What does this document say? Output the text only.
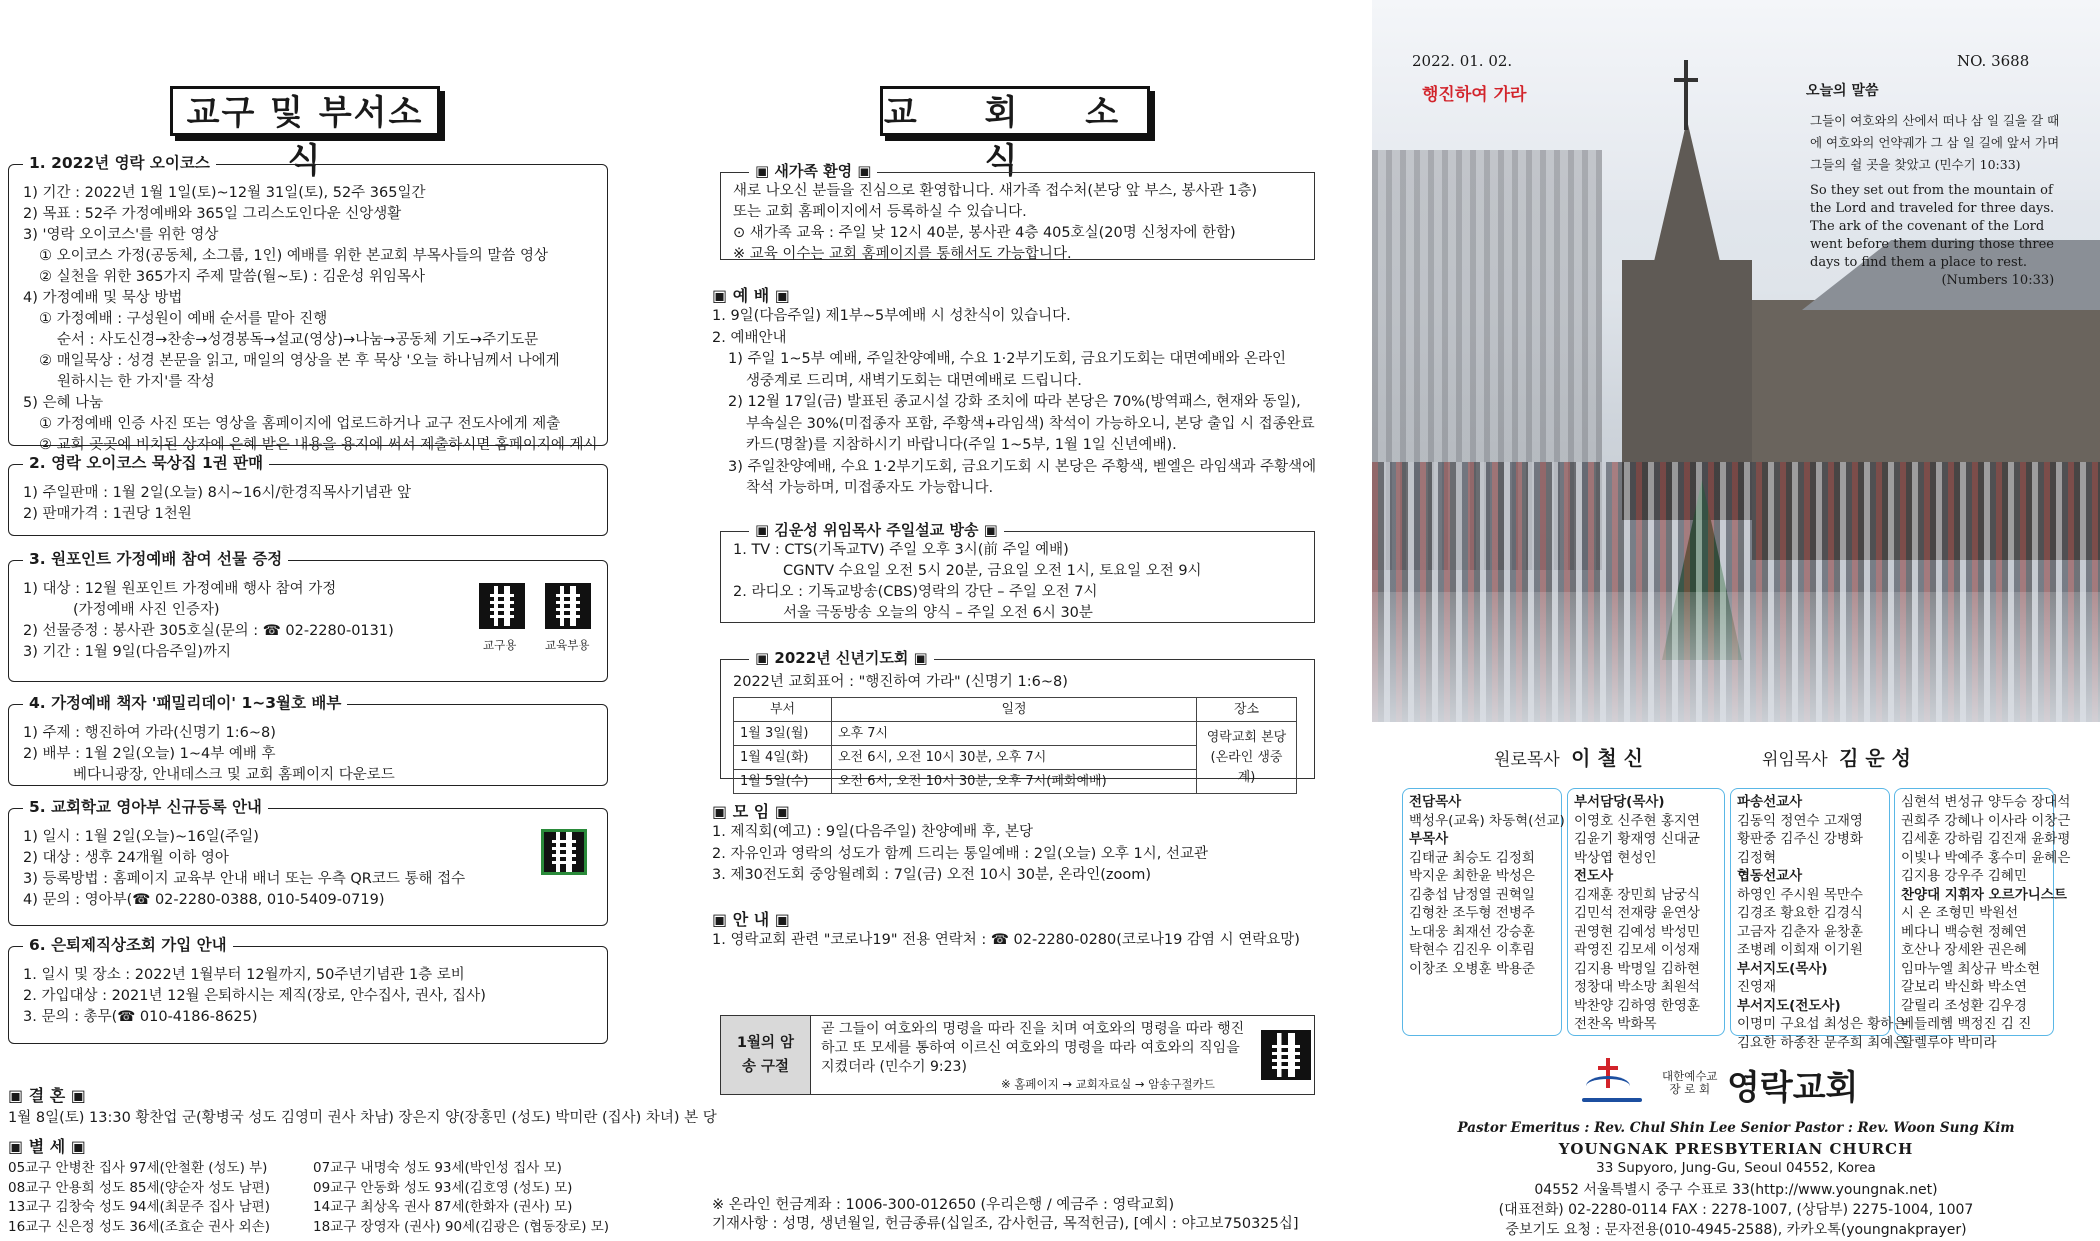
교구 및 부서소식
1. 2022년 영락 오이코스
1) 기간 : 2022년 1월 1일(토)~12월 31일(토), 52주 365일간
2) 목표 : 52주 가정예배와 365일 그리스도인다운 신앙생활
3) '영락 오이코스'를 위한 영상
① 오이코스 가정(공동체, 소그룹, 1인) 예배를 위한 본교회 부목사들의 말씀 영상
② 실천을 위한 365가지 주제 말씀(월~토) : 김운성 위임목사
4) 가정예배 및 묵상 방법
① 가정예배 : 구성원이 예배 순서를 맡아 진행
순서 : 사도신경→찬송→성경봉독→설교(영상)→나눔→공동체 기도→주기도문
② 매일묵상 : 성경 본문을 읽고, 매일의 영상을 본 후 묵상 '오늘 하나님께서 나에게
원하시는 한 가지'를 작성
5) 은혜 나눔
① 가정예배 인증 사진 또는 영상을 홈페이지에 업로드하거나 교구 전도사에게 제출
② 교회 곳곳에 비치된 상자에 은혜 받은 내용을 용지에 써서 제출하시면 홈페이지에 게시
2. 영락 오이코스 묵상집 1권 판매
1) 주일판매 : 1월 2일(오늘) 8시~16시/한경직목사기념관 앞
2) 판매가격 : 1권당 1천원
3. 원포인트 가정예배 참여 선물 증정
1) 대상 : 12월 원포인트 가정예배 행사 참여 가정
(가정예배 사진 인증자)
2) 선물증정 : 봉사관 305호실(문의 : ☎ 02-2280-0131)
3) 기간 : 1월 9일(다음주일)까지	교구용 교육부용
4. 가정예배 책자 '패밀리데이' 1~3월호 배부
1) 주제 : 행진하여 가라(신명기 1:6~8)
2) 배부 : 1월 2일(오늘) 1~4부 예배 후
베다니광장, 안내데스크 및 교회 홈페이지 다운로드
5. 교회학교 영아부 신규등록 안내
1) 일시 : 1월 2일(오늘)~16일(주일)
2) 대상 : 생후 24개월 이하 영아
3) 등록방법 : 홈페이지 교육부 안내 배너 또는 우측 QR코드 통해 접수
4) 문의 : 영아부(☎ 02-2280-0388, 010-5409-0719)
6. 은퇴제직상조회 가입 안내
1. 일시 및 장소 : 2022년 1월부터 12월까지, 50주년기념관 1층 로비
2. 가입대상 : 2021년 12월 은퇴하시는 제직(장로, 안수집사, 권사, 집사)
3. 문의 : 총무(☎ 010-4186-8625)
▣ 결 혼 ▣
1월 8일(토) 13:30 황찬업 군(황병국 성도 김영미 권사 차남) 장은지 양(장홍민 (성도) 박미란 (집사) 차녀) 본 당
▣ 별 세 ▣
05교구 안병찬 집사 97세(안철환 (성도) 부)	07교구 내명숙 성도 93세(박인성 집사 모)
08교구 안용희 성도 85세(양순자 성도 남편)	09교구 안동화 성도 93세(김호영 (성도) 모)
13교구 김창숙 성도 94세(최문주 집사 남편)	14교구 최상옥 권사 87세(한화자 (권사) 모)
16교구 신은정 성도 36세(조효순 권사 외손)	18교구 장영자 (권사) 90세(김광은 (협동장로) 모)
교 회 소 식
▣ 새가족 환영 ▣
새로 나오신 분들을 진심으로 환영합니다. 새가족 접수처(본당 앞 부스, 봉사관 1층)
또는 교회 홈페이지에서 등록하실 수 있습니다.
⊙ 새가족 교육 : 주일 낮 12시 40분, 봉사관 4층 405호실(20명 신청자에 한함)
※ 교육 이수는 교회 홈페이지를 통해서도 가능합니다.
▣ 예 배 ▣
1. 9일(다음주일) 제1부~5부예배 시 성찬식이 있습니다.
2. 예배안내
1) 주일 1~5부 예배, 주일찬양예배, 수요 1·2부기도회, 금요기도회는 대면예배와 온라인
생중계로 드리며, 새벽기도회는 대면예배로 드립니다.
2) 12월 17일(금) 발표된 종교시설 강화 조치에 따라 본당은 70%(방역패스, 현재와 동일),
부속실은 30%(미접종자 포함, 주황색+라임색) 착석이 가능하오니, 본당 출입 시 접종완료
카드(명찰)를 지참하시기 바랍니다(주일 1~5부, 1월 1일 신년예배).
3) 주일찬양예배, 수요 1·2부기도회, 금요기도회 시 본당은 주황색, 벧엘은 라임색과 주황색에
착석 가능하며, 미접종자도 가능합니다.
▣ 김운성 위임목사 주일설교 방송 ▣
1. TV : CTS(기독교TV) 주일 오후 3시(前 주일 예배)
CGNTV 수요일 오전 5시 20분, 금요일 오전 1시, 토요일 오전 9시
2. 라디오 : 기독교방송(CBS)영락의 강단 – 주일 오전 7시
서울 극동방송 오늘의 양식 – 주일 오전 6시 30분
▣ 2022년 신년기도회 ▣
2022년 교회표어 : "행진하여 가라" (신명기 1:6~8)
부서	일정	장소
1월 3일(월)	오후 7시	영락교회 본당 (온라인 생중계)
1월 4일(화)	오전 6시, 오전 10시 30분, 오후 7시	
1월 5일(수)	오전 6시, 오전 10시 30분, 오후 7시(폐회예배)	
▣ 모 임 ▣
1. 제직회(예고) : 9일(다음주일) 찬양예배 후, 본당
2. 자유인과 영락의 성도가 함께 드리는 통일예배 : 2일(오늘) 오후 1시, 선교관
3. 제30전도회 중앙월례회 : 7일(금) 오전 10시 30분, 온라인(zoom)
▣ 안 내 ▣
1. 영락교회 관련 "코로나19" 전용 연락처 : ☎ 02-2280-0280(코로나19 감염 시 연락요망)
1월의 암송 구절
곧 그들이 여호와의 명령을 따라 진을 치며 여호와의 명령을 따라 행진
하고 또 모세를 통하여 이르신 여호와의 명령을 따라 여호와의 직임을
지켰더라 (민수기 9:23)
※ 홈페이지 → 교회자료실 → 암송구절카드
※ 온라인 헌금계좌 : 1006-300-012650 (우리은행 / 예금주 : 영락교회)
기재사항 : 성명, 생년월일, 헌금종류(십일조, 감사헌금, 목적헌금), [예시 : 야고보750325십]
2022. 01. 02.	NO. 3688
행진하여 가라	오늘의 말씀
그들이 여호와의 산에서 떠나 삼 일 길을 갈 때
에 여호와의 언약궤가 그 삼 일 길에 앞서 가며
그들의 쉴 곳을 찾았고 (민수기 10:33)
So they set out from the mountain of
the Lord and traveled for three days.
The ark of the covenant of the Lord
went before them during those three
days to find them a place to rest.
(Numbers 10:33)
원로목사 이 철 신	위임목사 김 운 성
전담목사
백성우(교육) 차동혁(선교)
부목사
김태균 최승도 김정희
박지운 최한윤 박성은
김충섭 남정열 권혁일
김형찬 조두형 전병주
노대웅 최재선 강승훈
탁현수 김진우 이후림
이창조 오병훈 박용준
부서담당(목사)
이영호 신주현 홍지연
김윤기 황재영 신대균
박상엽 현성인
전도사
김재훈 장민희 남궁식
김민석 전재량 윤연상
권영현 김예성 박성민
곽영진 김모세 이성재
김지용 박명일 김하현
정창대 박소망 최원석
박찬양 김하영 한영훈
전찬옥 박화목
파송선교사
김동익 정연수 고재영
황판중 김주신 강병화
김정혁
협동선교사
하영인 주시원 목만수
김경조 황요한 김경식
고금자 김춘자 윤창훈
조병례 이희재 이기원
부서지도(목사)
진영재
부서지도(전도사)
이명미 구요섭 최성은 황하은
김요한 하종찬 문주희 최예은
심현석 변성규 양두승 장대석
권희주 강혜나 이사라 이창근
김세훈 강하림 김진재 윤화평
이빛나 박예주 홍수미 윤혜은
김지용 강우주 김혜민
찬양대 지휘자 오르가니스트
시 온 조형민 박원선
베다니 백승현 정혜연
호산나 장세완 권은혜
임마누엘 최상규 박소현
갈보리 박신화 박소연
갈릴리 조성환 김우경
베들레헴 백정진 김 진
할렐루야 박미라
대한예수교
장 로 회 영락교회
Pastor Emeritus : Rev. Chul Shin Lee Senior Pastor : Rev. Woon Sung Kim
YOUNGNAK PRESBYTERIAN CHURCH
33 Supyoro, Jung-Gu, Seoul 04552, Korea
04552 서울특별시 중구 수표로 33(http://www.youngnak.net)
(대표전화) 02-2280-0114 FAX : 2278-1007, (상담부) 2275-1004, 1007
중보기도 요청 : 문자전용(010-4945-2588), 카카오톡(youngnakprayer)
